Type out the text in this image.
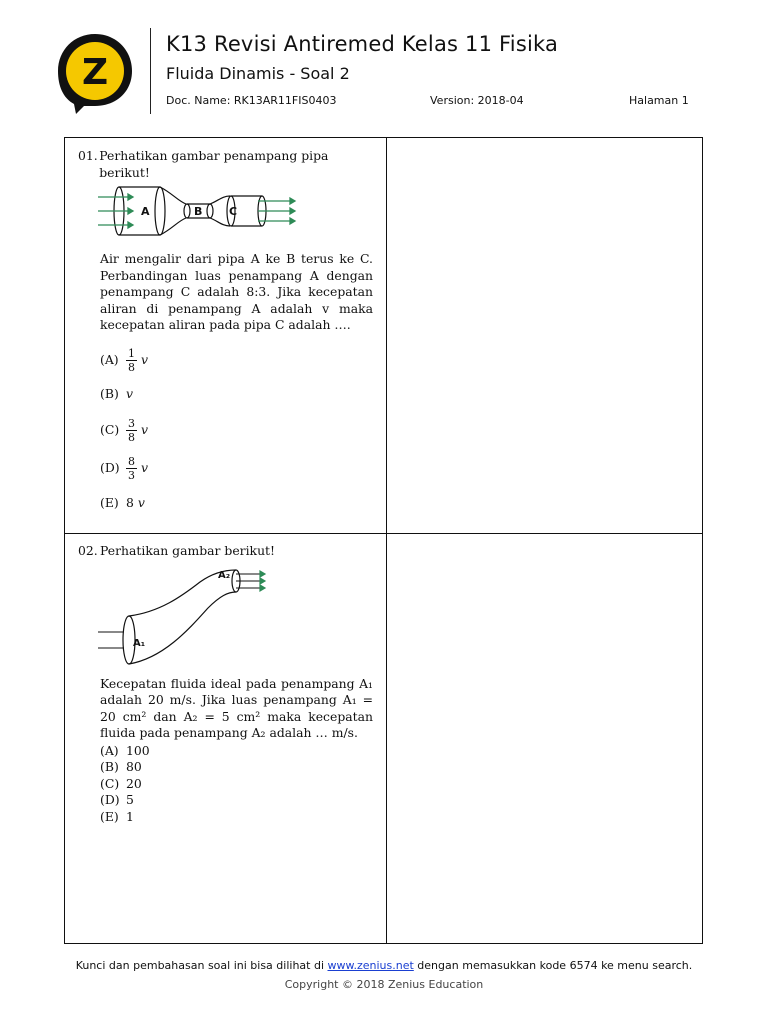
Z
K13 Revisi Antiremed Kelas 11 Fisika
Fluida Dinamis - Soal 2
Doc. Name: RK13AR11FIS0403	Version: 2018-04	Halaman 1
01. Perhatikan gambar penampang pipa berikut!
A	B C
Air mengalir dari pipa A ke B terus ke C. Perbandingan luas penampang A dengan penampang C adalah 8:3. Jika kecepatan aliran di penampang A adalah v maka kecepatan aliran pada pipa C adalah ….
$(A) \frac{1}{8}$ v
(B) v
$(C) \frac{3}{8}$ v
$(D) \frac{8}{3}$ v
(E) 8 v
02. Perhatikan gambar berikut!
A₁
A₂
Kecepatan fluida ideal pada penampang A₁ adalah 20 m/s. Jika luas penampang A₁ = 20 cm² dan A₂ = 5 cm² maka kecepatan fluida pada penampang A₂ adalah … m/s.
(A) 100
(B) 80
(C) 20
(D) 5
(E) 1
Kunci dan pembahasan soal ini bisa dilihat di www.zenius.net dengan memasukkan kode 6574 ke menu search.
Copyright © 2018 Zenius Education
